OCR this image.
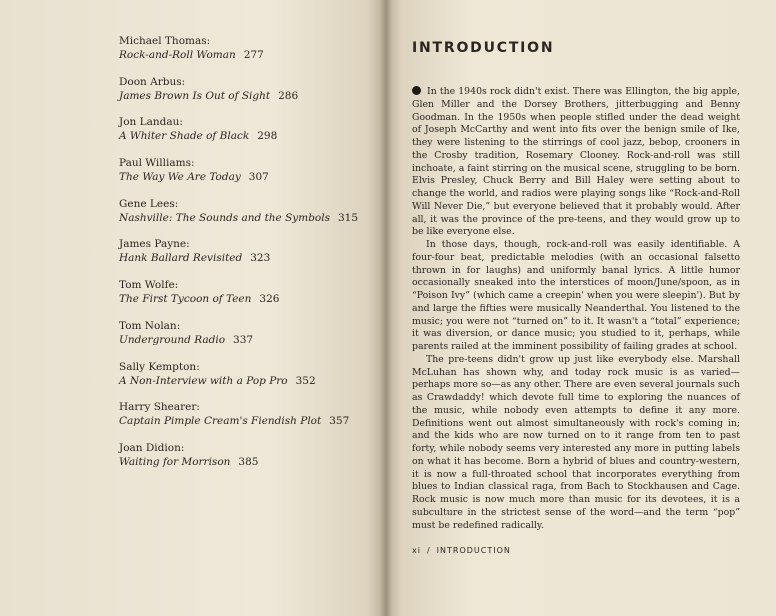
Michael Thomas:
Rock-and-Roll Woman 277
Doon Arbus:
James Brown Is Out of Sight 286
Jon Landau:
A Whiter Shade of Black 298
Paul Williams:
The Way We Are Today 307
Gene Lees:
Nashville: The Sounds and the Symbols 315
James Payne:
Hank Ballard Revisited 323
Tom Wolfe:
The First Tycoon of Teen 326
Tom Nolan:
Underground Radio 337
Sally Kempton:
A Non-Interview with a Pop Pro 352
Harry Shearer:
Captain Pimple Cream's Fiendish Plot 357
Joan Didion:
Waiting for Morrison 385
INTRODUCTION

In the 1940s rock didn't exist. There was Ellington, the big apple, Glen Miller and the Dorsey Brothers, jitterbugging and Benny Goodman. In the 1950s when people stifled under the dead weight of Joseph McCarthy and went into fits over the benign smile of Ike, they were listening to the stirrings of cool jazz, bebop, crooners in the Crosby tradition, Rosemary Clooney. Rock-and-roll was still inchoate, a faint stirring on the musical scene, struggling to be born. Elvis Presley, Chuck Berry and Bill Haley were setting about to change the world, and radios were playing songs like “Rock-and-Roll Will Never Die,” but everyone believed that it probably would. After all, it was the province of the pre-teens, and they would grow up to be like everyone else.

In those days, though, rock-and-roll was easily identifiable. A four-four beat, predictable melodies (with an occasional falsetto thrown in for laughs) and uniformly banal lyrics. A little humor occasionally sneaked into the interstices of moon/June/spoon, as in “Poison Ivy” (which came a creepin' when you were sleepin'). But by and large the fifties were musically Neanderthal. You listened to the music; you were not “turned on” to it. It wasn't a “total” experience; it was diversion, or dance music; you studied to it, perhaps, while parents railed at the imminent possibility of failing grades at school.

The pre-teens didn't grow up just like everybody else. Marshall McLuhan has shown why, and today rock music is as varied—perhaps more so—as any other. There are even several journals such as Crawdaddy! which devote full time to exploring the nuances of the music, while nobody even attempts to define it any more. Definitions went out almost simultaneously with rock's coming in; and the kids who are now turned on to it range from ten to past forty, while nobody seems very interested any more in putting labels on what it has become. Born a hybrid of blues and country-western, it is now a full-throated school that incorporates everything from blues to Indian classical raga, from Bach to Stockhausen and Cage. Rock music is now much more than music for its devotees, it is a subculture in the strictest sense of the word—and the term “pop” must be redefined radically.

xi / INTRODUCTION
